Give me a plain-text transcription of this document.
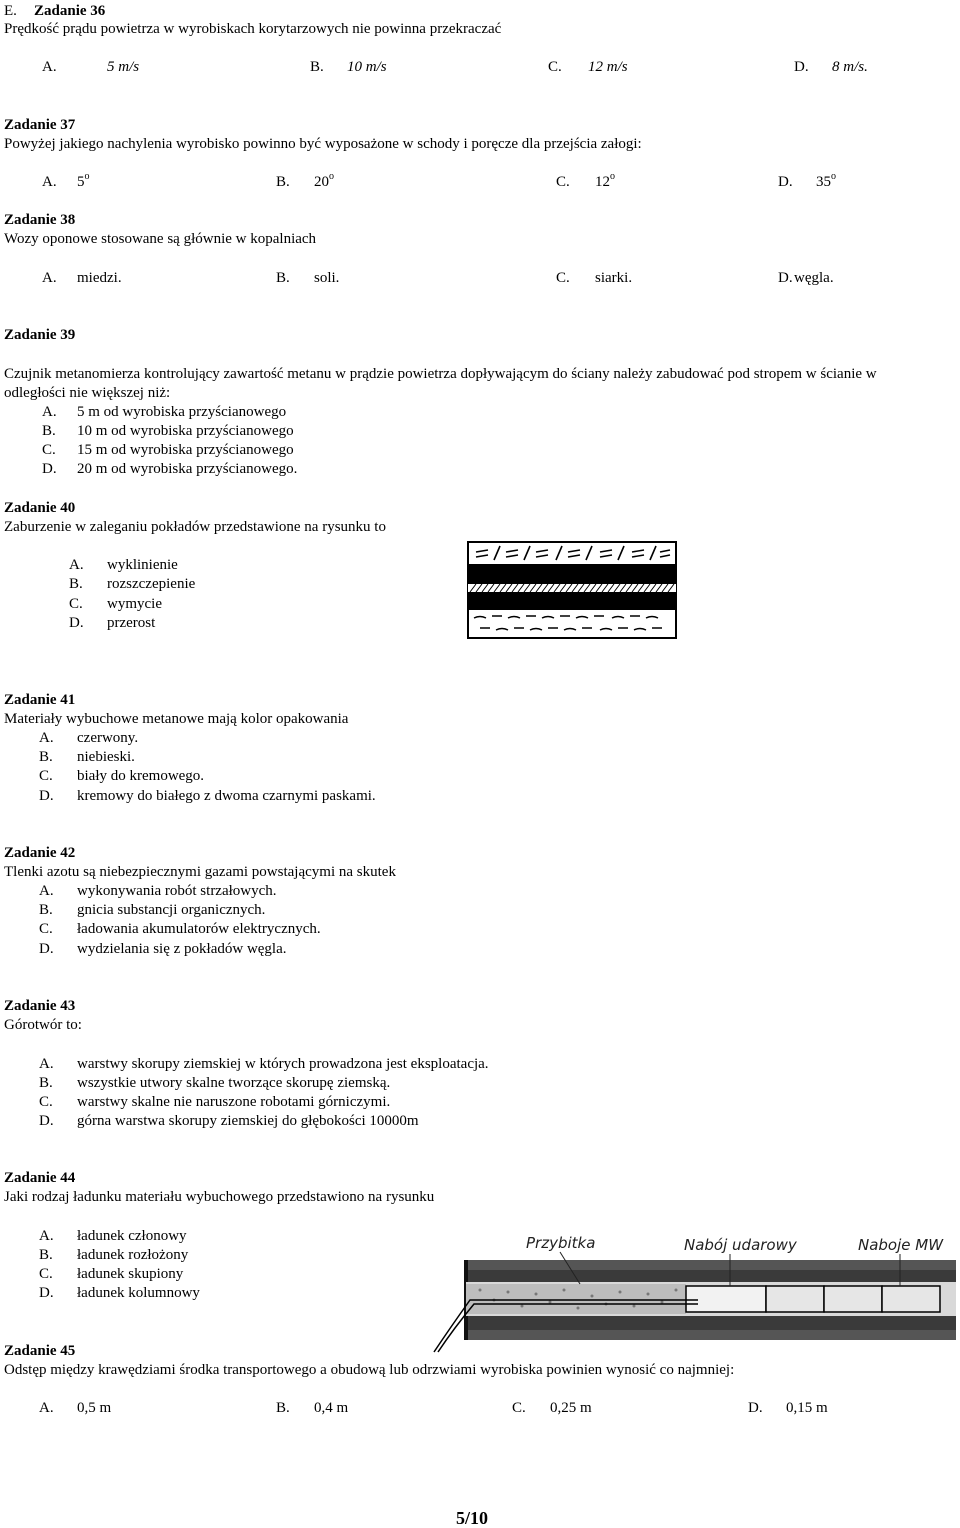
E. Zadanie 36
Prędkość prądu powietrza w wyrobiskach korytarzowych nie powinna przekraczać
A.	5 m/s	B. 10 m/s	C. 12 m/s	D. 8 m/s.
Zadanie 37
Powyżej jakiego nachylenia wyrobisko powinno być wyposażone w schody i poręcze dla przejścia załogi:
A. 5$^o$	B. 20$^o$	C. 12$^o$	D. 35$^o$
Zadanie 38
Wozy oponowe stosowane są głównie w kopalniach
A. miedzi.	B. soli.	C. siarki.	D. węgla.
Zadanie 39
Czujnik metanomierza kontrolujący zawartość metanu w prądzie powietrza dopływającym do ściany należy zabudować pod stropem w ścianie w odległości nie większej niż:
A. 5 m od wyrobiska przyścianowego
B. 10 m od wyrobiska przyścianowego
C. 15 m od wyrobiska przyścianowego
D. 20 m od wyrobiska przyścianowego.
Zadanie 40
Zaburzenie w zaleganiu pokładów przedstawione na rysunku to
A. wyklinienie
B. rozszczepienie
C. wymycie
D. przerost
Zadanie 41
Materiały wybuchowe metanowe mają kolor opakowania
A. czerwony.
B. niebieski.
C. biały do kremowego.
D. kremowy do białego z dwoma czarnymi paskami.
Zadanie 42
Tlenki azotu są niebezpiecznymi gazami powstającymi na skutek
A. wykonywania robót strzałowych.
B. gnicia substancji organicznych.
C. ładowania akumulatorów elektrycznych.
D. wydzielania się z pokładów węgla.
Zadanie 43
Górotwór to:
A. warstwy skorupy ziemskiej w których prowadzona jest eksploatacja.
B. wszystkie utwory skalne tworzące skorupę ziemską.
C. warstwy skalne nie naruszone robotami górniczymi.
D. górna warstwa skorupy ziemskiej do głębokości 10000m
Zadanie 44
Jaki rodzaj ładunku materiału wybuchowego przedstawiono na rysunku
A. ładunek członowy
B. ładunek rozłożony
C. ładunek skupiony
D. ładunek kolumnowy
Przybitka	Nabój udarowy	Naboje MW
Zadanie 45
Odstęp między krawędziami środka transportowego a obudową lub odrzwiami wyrobiska powinien wynosić co najmniej:
A. 0,5 m	B. 0,4 m	C. 0,25 m	D. 0,15 m
5/10
